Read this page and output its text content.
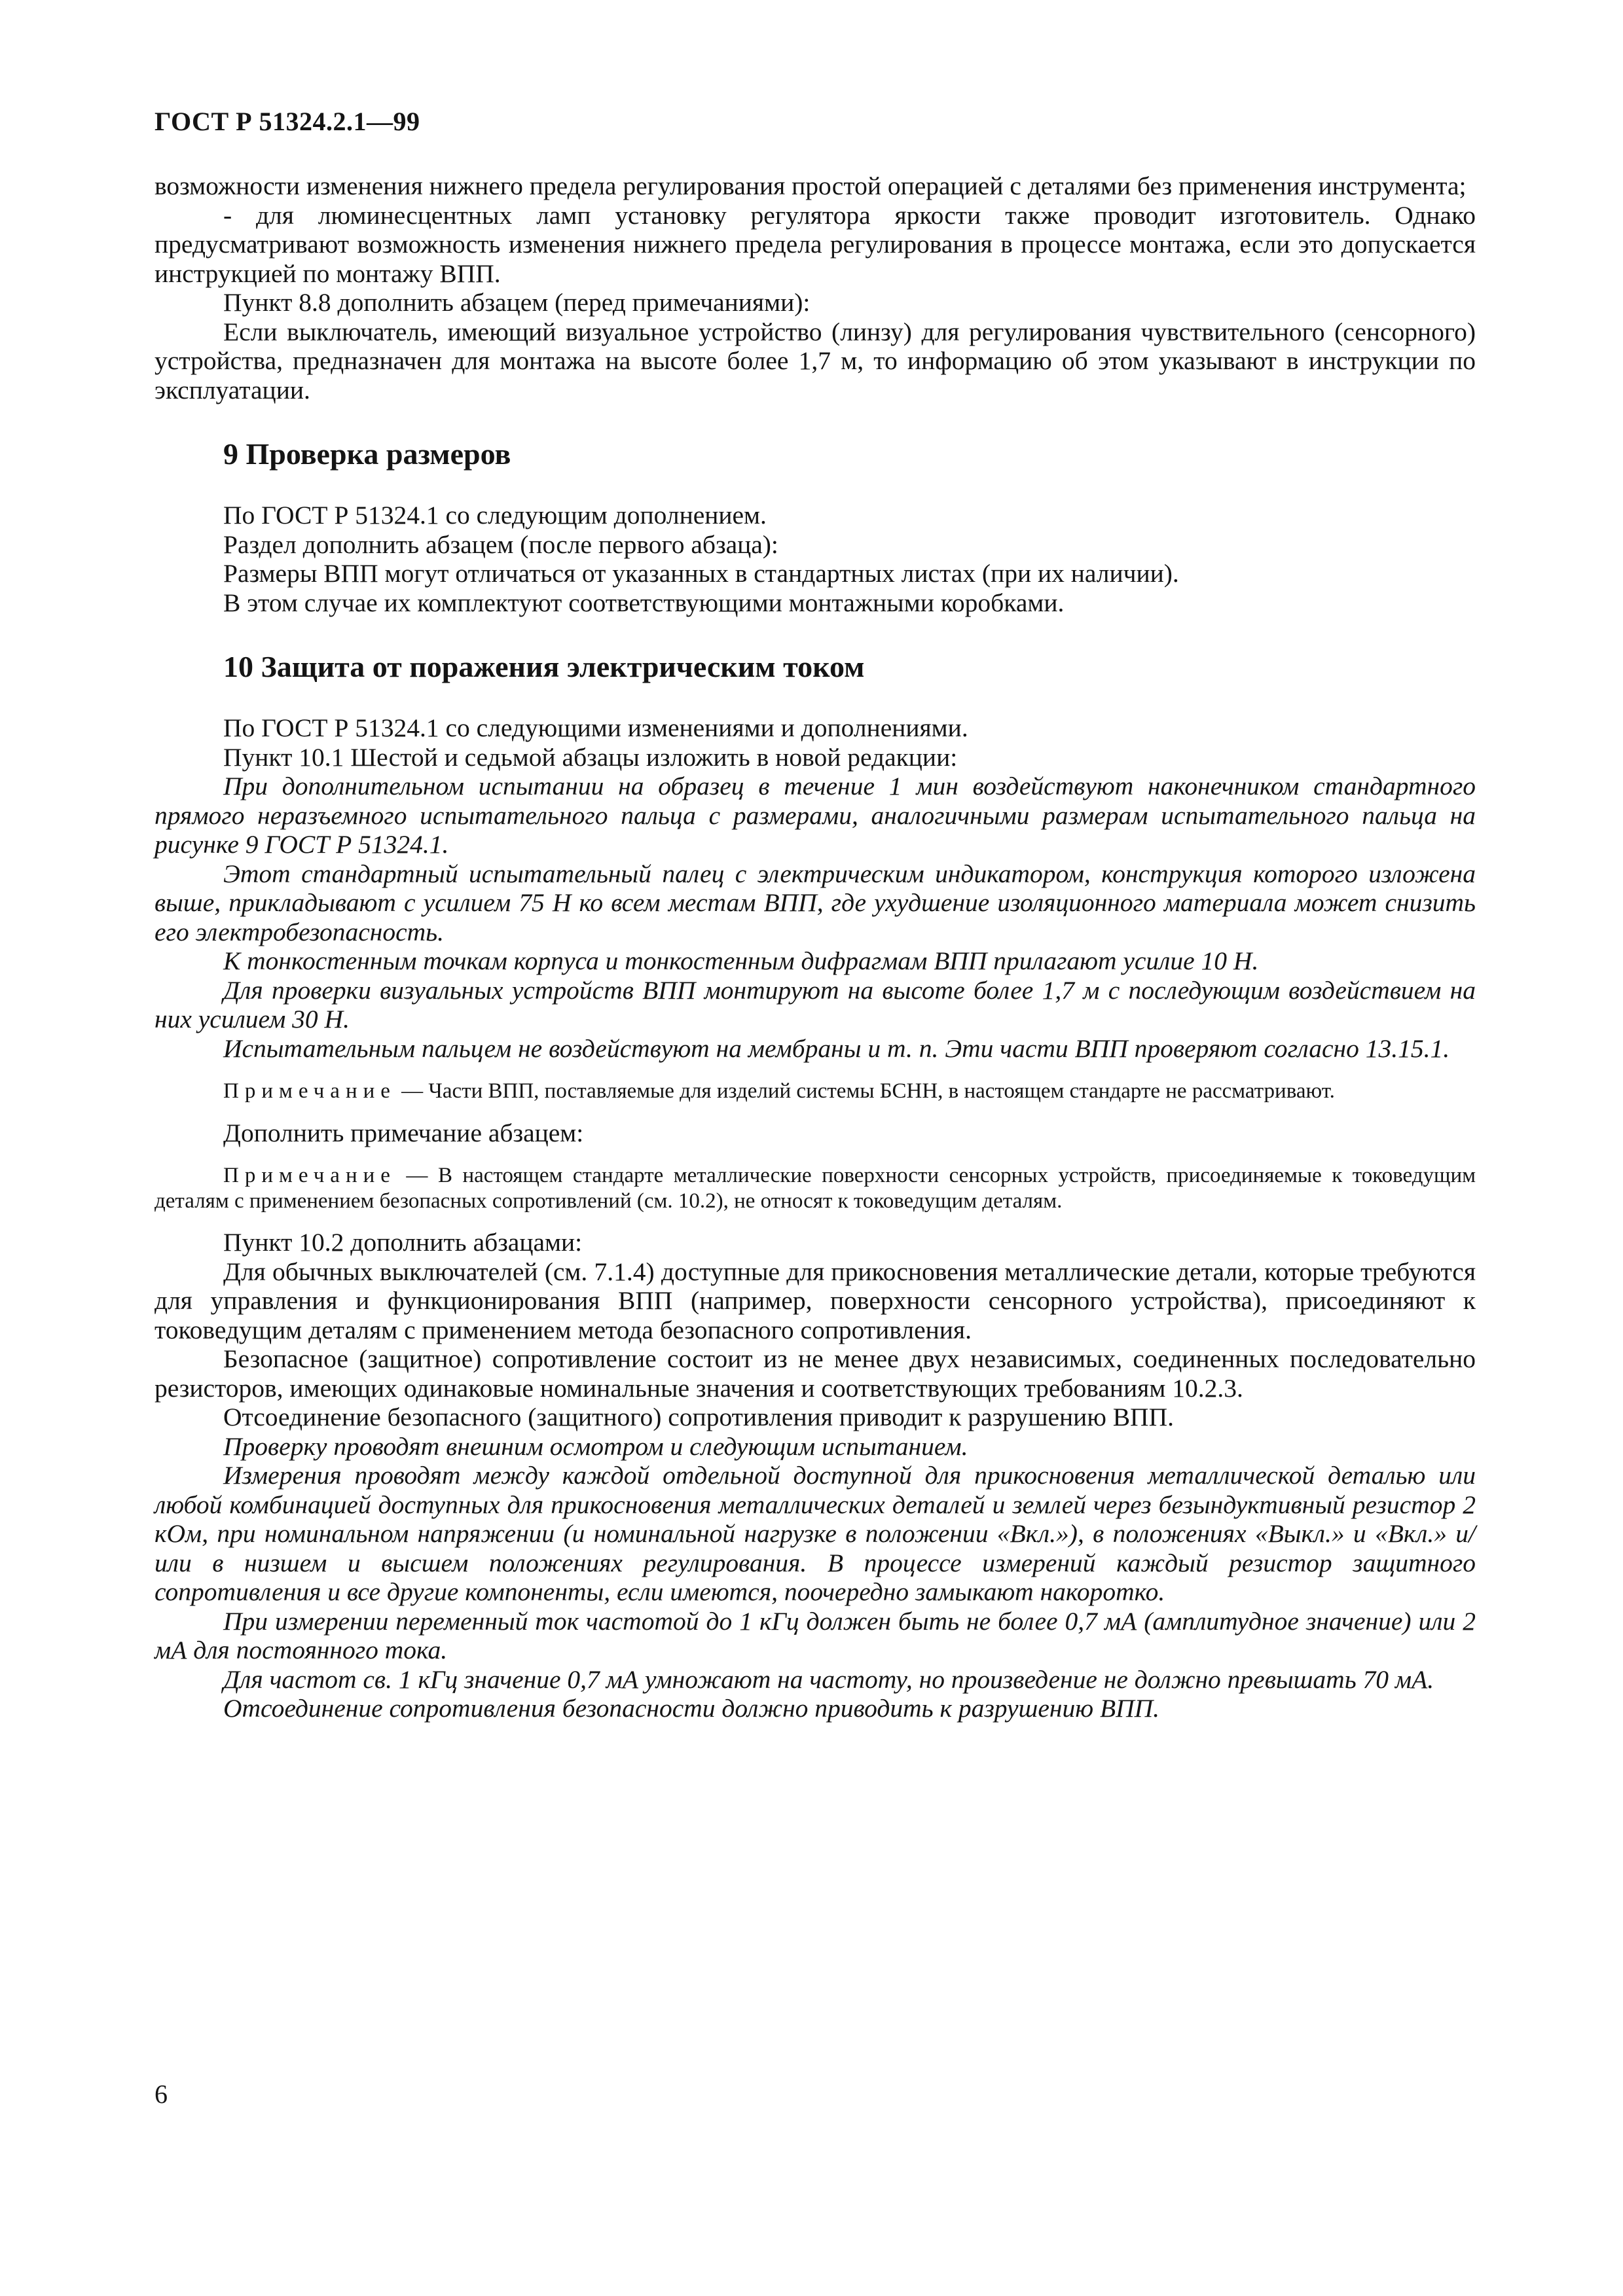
ГОСТ Р 51324.2.1—99

возможности изменения нижнего предела регулирования простой операцией с деталями без применения инструмента;

- для люминесцентных ламп установку регулятора яркости также проводит изготовитель. Однако предусматривают возможность изменения нижнего предела регулирования в процессе монтажа, если это допускается инструкцией по монтажу ВПП.

Пункт 8.8 дополнить абзацем (перед примечаниями):

Если выключатель, имеющий визуальное устройство (линзу) для регулирования чувствительного (сенсорного) устройства, предназначен для монтажа на высоте более 1,7 м, то информацию об этом указывают в инструкции по эксплуатации.

9 Проверка размеров

По ГОСТ Р 51324.1 со следующим дополнением.

Раздел дополнить абзацем (после первого абзаца):

Размеры ВПП могут отличаться от указанных в стандартных листах (при их наличии).

В этом случае их комплектуют соответствующими монтажными коробками.

10 Защита от поражения электрическим током

По ГОСТ Р 51324.1 со следующими изменениями и дополнениями.

Пункт 10.1 Шестой и седьмой абзацы изложить в новой редакции:

При дополнительном испытании на образец в течение 1 мин воздействуют наконечником стандартного прямого неразъемного испытательного пальца с размерами, аналогичными размерам испытательного пальца на рисунке 9 ГОСТ Р 51324.1.

Этот стандартный испытательный палец с электрическим индикатором, конструкция которого изложена выше, прикладывают с усилием 75 Н ко всем местам ВПП, где ухудшение изоляционного материала может снизить его электробезопасность.

К тонкостенным точкам корпуса и тонкостенным дифрагмам ВПП прилагают усилие 10 Н.

Для проверки визуальных устройств ВПП монтируют на высоте более 1,7 м с последующим воздействием на них усилием 30 Н.

Испытательным пальцем не воздействуют на мембраны и т. п. Эти части ВПП проверяют согласно 13.15.1.

Примечание — Части ВПП, поставляемые для изделий системы БСНН, в настоящем стандарте не рассматривают.

Дополнить примечание абзацем:

Примечание — В настоящем стандарте металлические поверхности сенсорных устройств, присоединяемые к токоведущим деталям с применением безопасных сопротивлений (см. 10.2), не относят к токоведущим деталям.

Пункт 10.2 дополнить абзацами:

Для обычных выключателей (см. 7.1.4) доступные для прикосновения металлические детали, которые требуются для управления и функционирования ВПП (например, поверхности сенсорного устройства), присоединяют к токоведущим деталям с применением метода безопасного сопротивления.

Безопасное (защитное) сопротивление состоит из не менее двух независимых, соединенных последовательно резисторов, имеющих одинаковые номинальные значения и соответствующих требованиям 10.2.3.

Отсоединение безопасного (защитного) сопротивления приводит к разрушению ВПП.

Проверку проводят внешним осмотром и следующим испытанием.

Измерения проводят между каждой отдельной доступной для прикосновения металлической деталью или любой комбинацией доступных для прикосновения металлических деталей и землей через безындуктивный резистор 2 кОм, при номинальном напряжении (и номинальной нагрузке в положении «Вкл.»), в положениях «Выкл.» и «Вкл.» и/или в низшем и высшем положениях регулирования. В процессе измерений каждый резистор защитного сопротивления и все другие компоненты, если имеются, поочередно замыкают накоротко.

При измерении переменный ток частотой до 1 кГц должен быть не более 0,7 мА (амплитудное значение) или 2 мА для постоянного тока.

Для частот св. 1 кГц значение 0,7 мА умножают на частоту, но произведение не должно превышать 70 мА.

Отсоединение сопротивления безопасности должно приводить к разрушению ВПП.

6
